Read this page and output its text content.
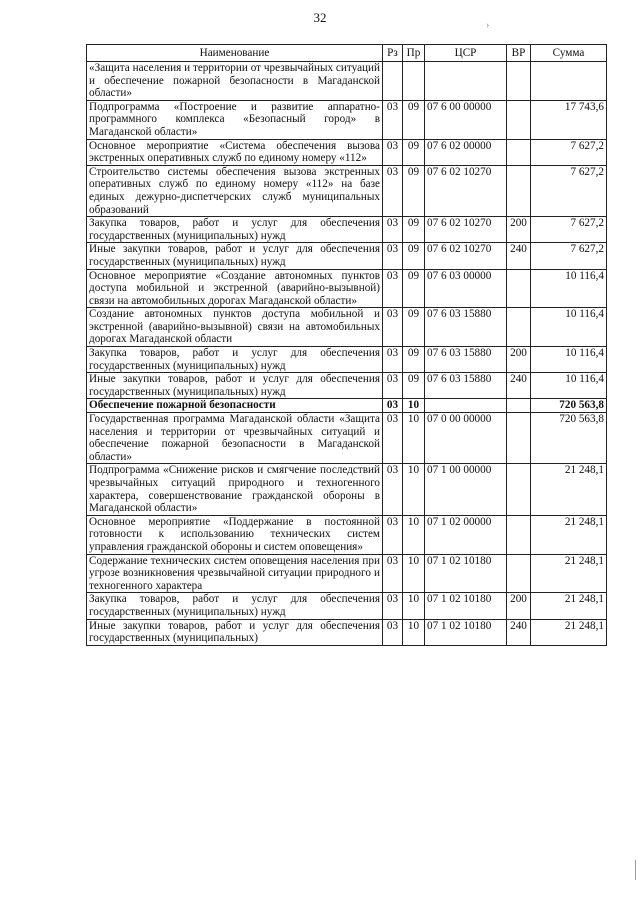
32
›
Наименование	Рз	Пр	ЦСР	ВР	Сумма
«Защита населения и территории от чрезвычайных ситуаций и обеспечение пожарной безопасности в Магаданской области»					
Подпрограмма «Построение и развитие аппаратно-программного комплекса «Безопасный город» в Магаданской области»	03	09	07 6 00 00000		17 743,6
Основное мероприятие «Система обеспечения вызова экстренных оперативных служб по единому номеру «112»	03	09	07 6 02 00000		7 627,2
Строительство системы обеспечения вызова экстренных оперативных служб по единому номеру «112» на базе единых дежурно-диспетчерских служб муниципальных образований	03	09	07 6 02 10270		7 627,2
Закупка товаров, работ и услуг для обеспечения государственных (муниципальных) нужд	03	09	07 6 02 10270	200	7 627,2
Иные закупки товаров, работ и услуг для обеспечения государственных (муниципальных) нужд	03	09	07 6 02 10270	240	7 627,2
Основное мероприятие «Создание автономных пунктов доступа мобильной и экстренной (аварийно-вызывной) связи на автомобильных дорогах Магаданской области»	03	09	07 6 03 00000		10 116,4
Создание автономных пунктов доступа мобильной и экстренной (аварийно-вызывной) связи на автомобильных дорогах Магаданской области	03	09	07 6 03 15880		10 116,4
Закупка товаров, работ и услуг для обеспечения государственных (муниципальных) нужд	03	09	07 6 03 15880	200	10 116,4
Иные закупки товаров, работ и услуг для обеспечения государственных (муниципальных) нужд	03	09	07 6 03 15880	240	10 116,4
Обеспечение пожарной безопасности	03	10			720 563,8
Государственная программа Магаданской области «Защита населения и территории от чрезвычайных ситуаций и обеспечение пожарной безопасности в Магаданской области»	03	10	07 0 00 00000		720 563,8
Подпрограмма «Снижение рисков и смягчение последствий чрезвычайных ситуаций природного и техногенного характера, совершенствование гражданской обороны в Магаданской области»	03	10	07 1 00 00000		21 248,1
Основное мероприятие «Поддержание в постоянной готовности к использованию технических систем управления гражданской обороны и систем оповещения»	03	10	07 1 02 00000		21 248,1
Содержание технических систем оповещения населения при угрозе возникновения чрезвычайной ситуации природного и техногенного характера	03	10	07 1 02 10180		21 248,1
Закупка товаров, работ и услуг для обеспечения государственных (муниципальных) нужд	03	10	07 1 02 10180	200	21 248,1
Иные закупки товаров, работ и услуг для обеспечения государственных (муниципальных)	03	10	07 1 02 10180	240	21 248,1
